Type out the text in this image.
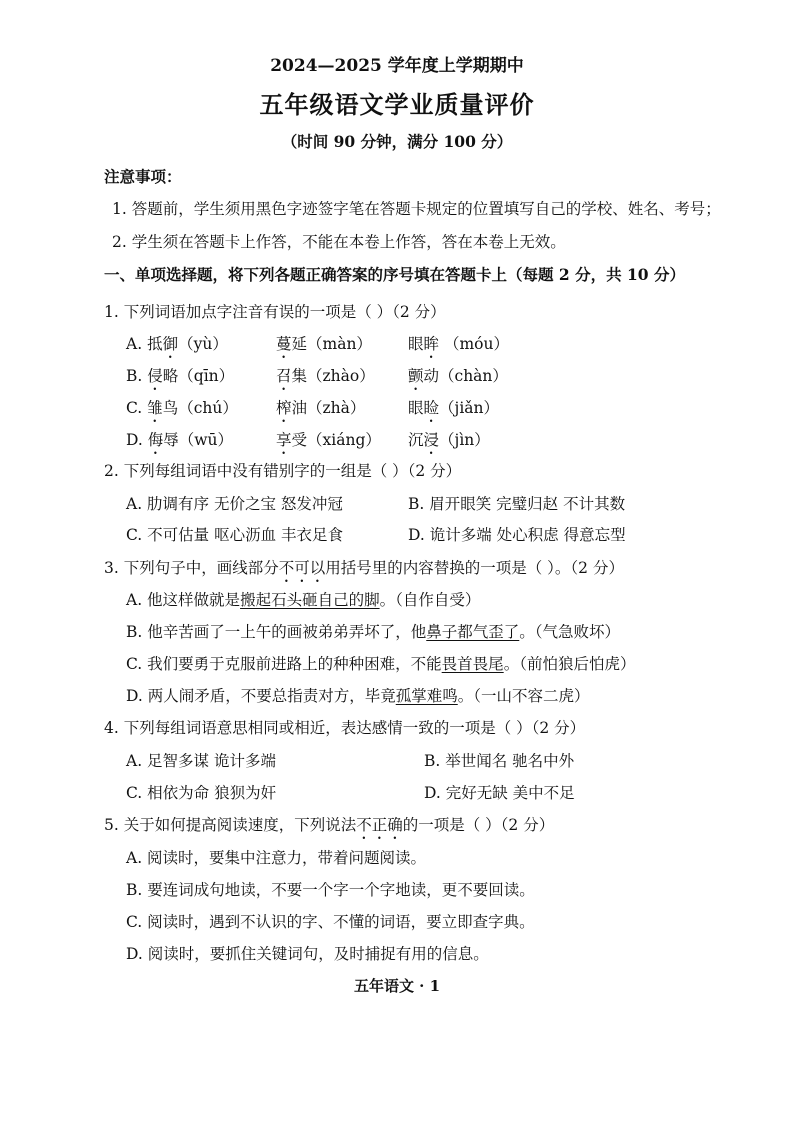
2024—2025 学年度上学期期中
五年级语文学业质量评价
（时间 90 分钟，满分 100 分）
注意事项：
1. 答题前，学生须用黑色字迹签字笔在答题卡规定的位置填写自己的学校、姓名、考号；
2. 学生须在答题卡上作答，不能在本卷上作答，答在本卷上无效。
一、单项选择题，将下列各题正确答案的序号填在答题卡上（每题 2 分，共 10 分）
1. 下列词语加点字注音有误的一项是（ ）（2 分）
A. 抵御（yù）	蔓延（màn） 眼眸 （móu）
B. 侵略（qīn）	召集（zhào） 颤动（chàn）
C. 雏鸟（chú） 榨油（zhà）	眼睑（jiǎn）
D. 侮辱（wū）	享受（xiáng） 沉浸（jìn）
2. 下列每组词语中没有错别字的一组是（ ）（2 分）
A. 肋调有序 无价之宝 怒发冲冠	B. 眉开眼笑 完璧归赵 不计其数
C. 不可估量 呕心沥血 丰衣足食	D. 诡计多端 处心积虑 得意忘型
3. 下列句子中，画线部分不可以用括号里的内容替换的一项是（ ）。（2 分）
A. 他这样做就是搬起石头砸自己的脚。（自作自受）
B. 他辛苦画了一上午的画被弟弟弄坏了，他鼻子都气歪了。（气急败坏）
C. 我们要勇于克服前进路上的种种困难，不能畏首畏尾。（前怕狼后怕虎）
D. 两人闹矛盾，不要总指责对方，毕竟孤掌难鸣。（一山不容二虎）
4. 下列每组词语意思相同或相近，表达感情一致的一项是（ ）（2 分）
A. 足智多谋 诡计多端	B. 举世闻名 驰名中外
C. 相依为命 狼狈为奸	D. 完好无缺 美中不足
5. 关于如何提高阅读速度，下列说法不正确的一项是（ ）（2 分）
A. 阅读时，要集中注意力，带着问题阅读。
B. 要连词成句地读，不要一个字一个字地读，更不要回读。
C. 阅读时，遇到不认识的字、不懂的词语，要立即查字典。
D. 阅读时，要抓住关键词句，及时捕捉有用的信息。
五年语文 · 1
